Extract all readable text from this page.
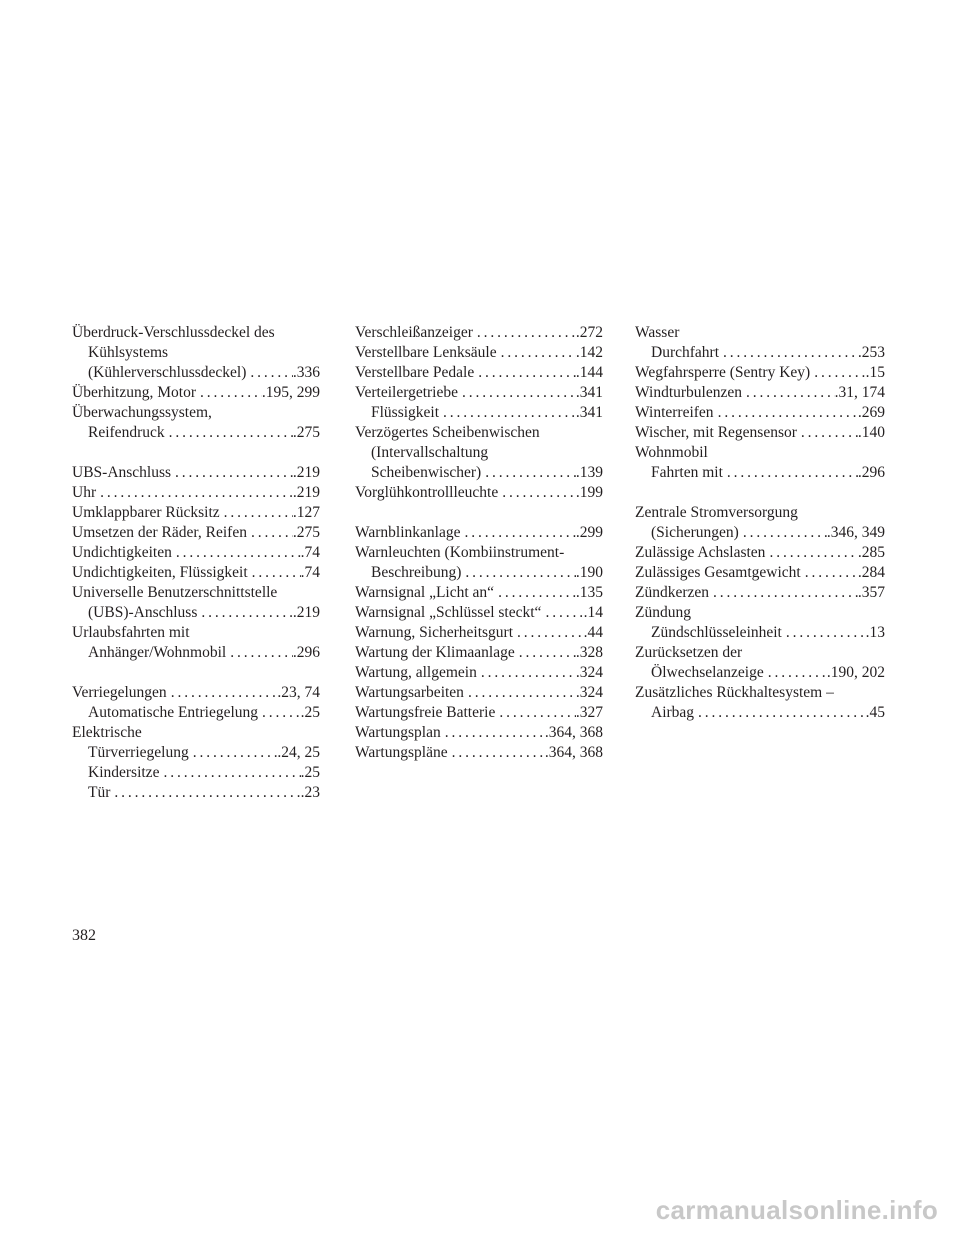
Überdruck-Verschlussdeckel des
Kühlsystems
(Kühlerverschlussdeckel) . . .	.336
Überhitzung, Motor . . .	.195, 299
Überwachungssystem,
Reifendruck . . .	.275
UBS-Anschluss . . .	.219
Uhr . . .	.219
Umklappbarer Rücksitz . . .	.127
Umsetzen der Räder, Reifen . . .	.275
Undichtigkeiten . . .	.74
Undichtigkeiten, Flüssigkeit . . .	.74
Universelle Benutzerschnittstelle
(UBS)-Anschluss . . .	.219
Urlaubsfahrten mit
Anhänger/Wohnmobil . . .	.296
Verriegelungen . . .	.23, 74
Automatische Entriegelung . . .	.25
Elektrische
Türverriegelung . . .	.24, 25
Kindersitze . . .	.25
Tür . . .	.23
Verschleißanzeiger . . .	.272
Verstellbare Lenksäule . . .	.142
Verstellbare Pedale . . .	.144
Verteilergetriebe . . .	.341
Flüssigkeit . . .	.341
Verzögertes Scheibenwischen
(Intervallschaltung
Scheibenwischer) . . .	.139
Vorglühkontrollleuchte . . .	.199
Warnblinkanlage . . .	.299
Warnleuchten (Kombiinstrument-
Beschreibung) . . .	.190
Warnsignal „Licht an“ . . .	.135
Warnsignal „Schlüssel steckt“ . . .	.14
Warnung, Sicherheitsgurt . . .	.44
Wartung der Klimaanlage . . .	.328
Wartung, allgemein . . .	.324
Wartungsarbeiten . . .	.324
Wartungsfreie Batterie . . .	.327
Wartungsplan . . .	.364, 368
Wartungspläne . . .	.364, 368
Wasser
Durchfahrt . . .	.253
Wegfahrsperre (Sentry Key) . . .	.15
Windturbulenzen . . .	.31, 174
Winterreifen . . .	.269
Wischer, mit Regensensor . . .	.140
Wohnmobil
Fahrten mit . . .	.296
Zentrale Stromversorgung
(Sicherungen) . . .	.346, 349
Zulässige Achslasten . . .	.285
Zulässiges Gesamtgewicht . . .	.284
Zündkerzen . . .	.357
Zündung
Zündschlüsseleinheit . . .	.13
Zurücksetzen der
Ölwechselanzeige . . .	.190, 202
Zusätzliches Rückhaltesystem –
Airbag . . .	.45
382
carmanualsonline.info
